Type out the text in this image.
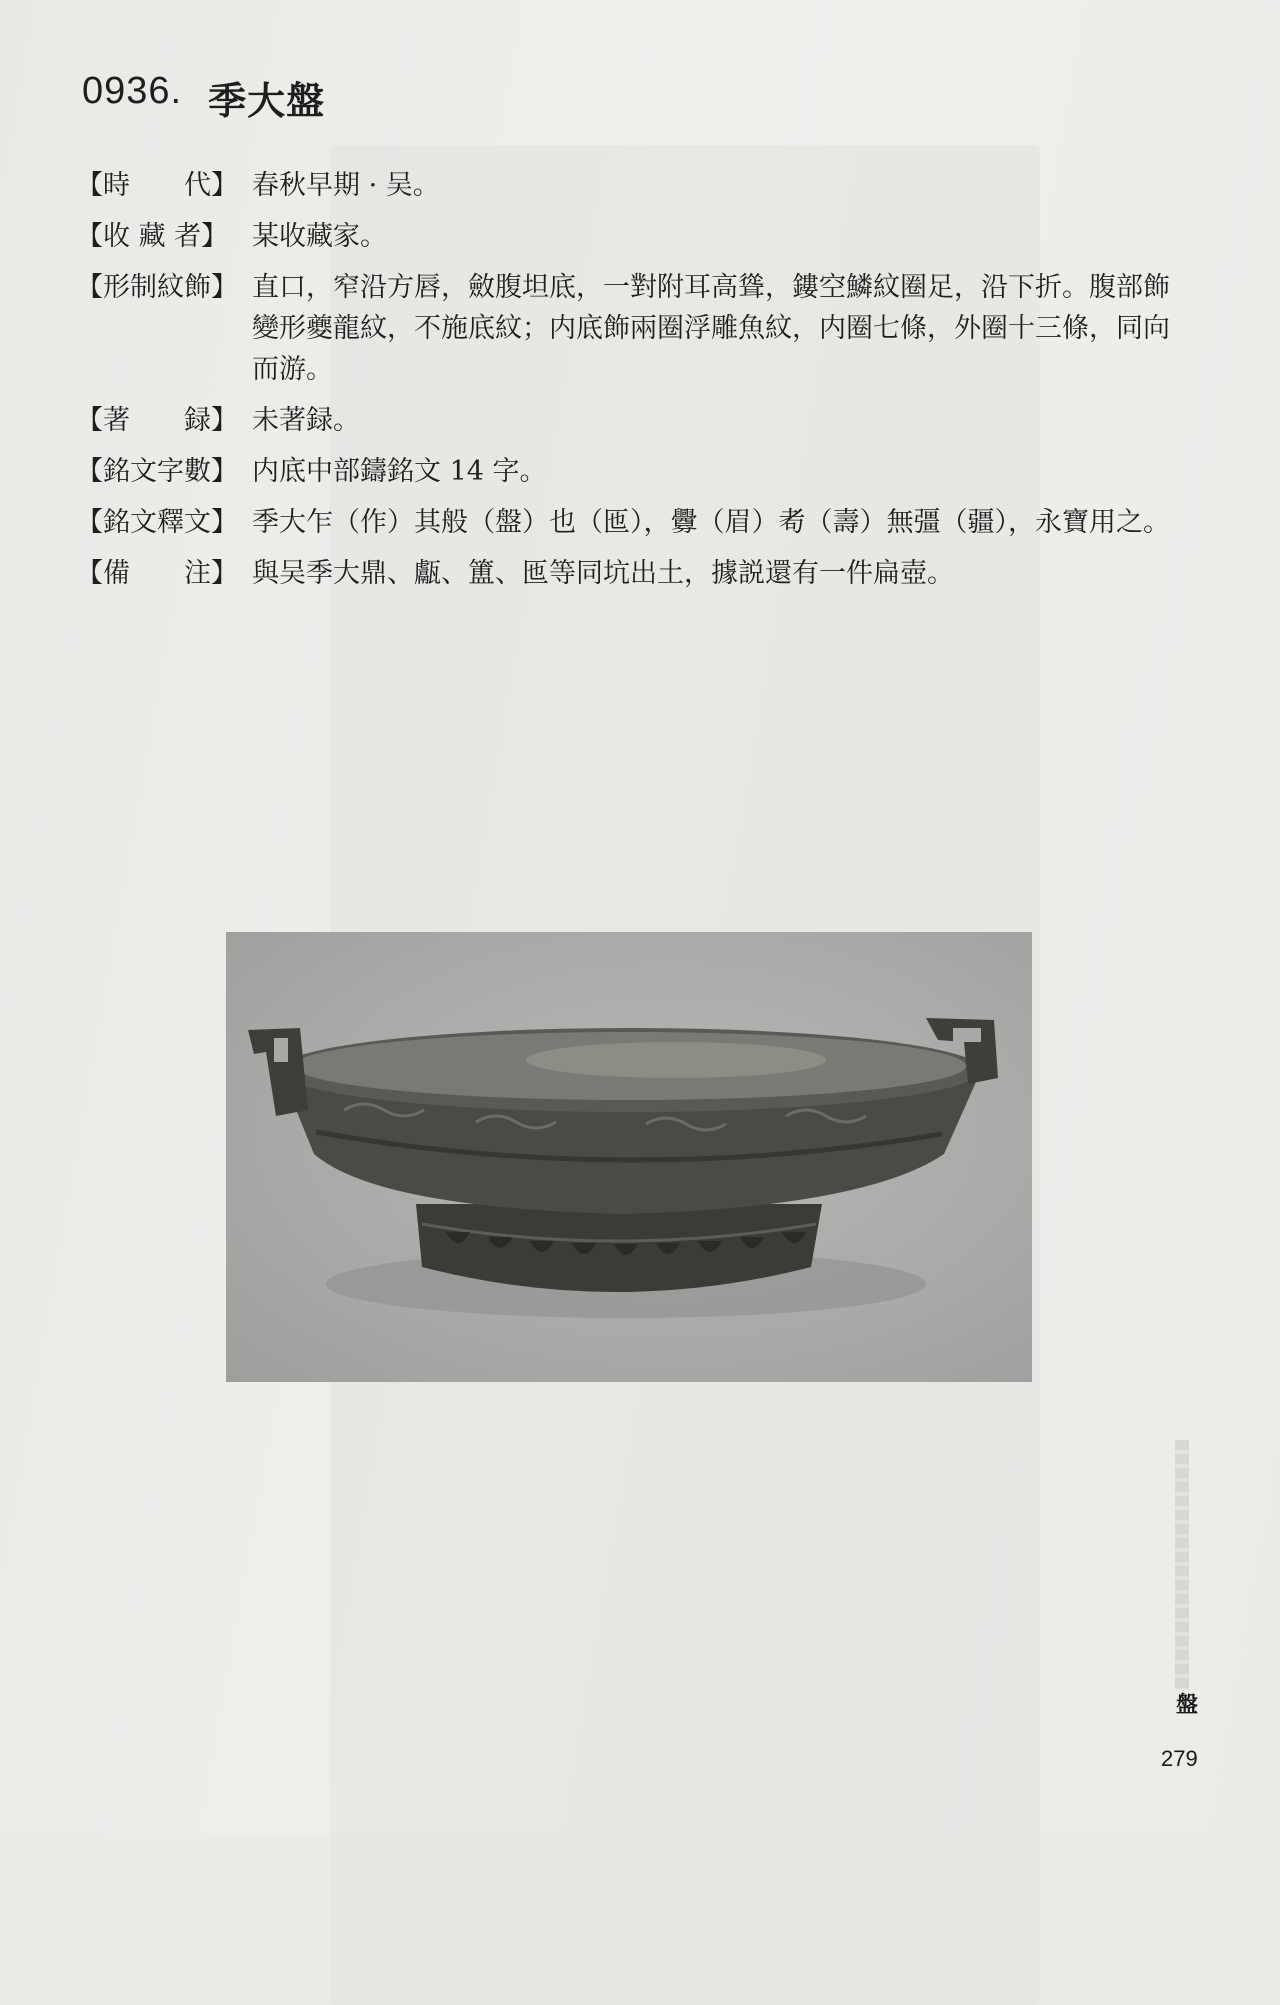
0936. 季大盤
【時　　代】 春秋早期 · 吴。
【收 藏 者】 某收藏家。
【形制紋飾】 直口，窄沿方唇，斂腹坦底，一對附耳高聳，鏤空鱗紋圈足，沿下折。腹部飾變形夔龍紋，不施底紋；内底飾兩圈浮雕魚紋，内圈七條，外圈十三條，同向而游。
【著　　録】 未著録。
【銘文字數】 内底中部鑄銘文 14 字。
【銘文釋文】 季大乍（作）其般（盤）也（匜），釁（眉）耇（壽）無彊（疆），永寶用之。
【備　　注】 與吴季大鼎、甗、簠、匜等同坑出土，據説還有一件扁壺。
盤
279
